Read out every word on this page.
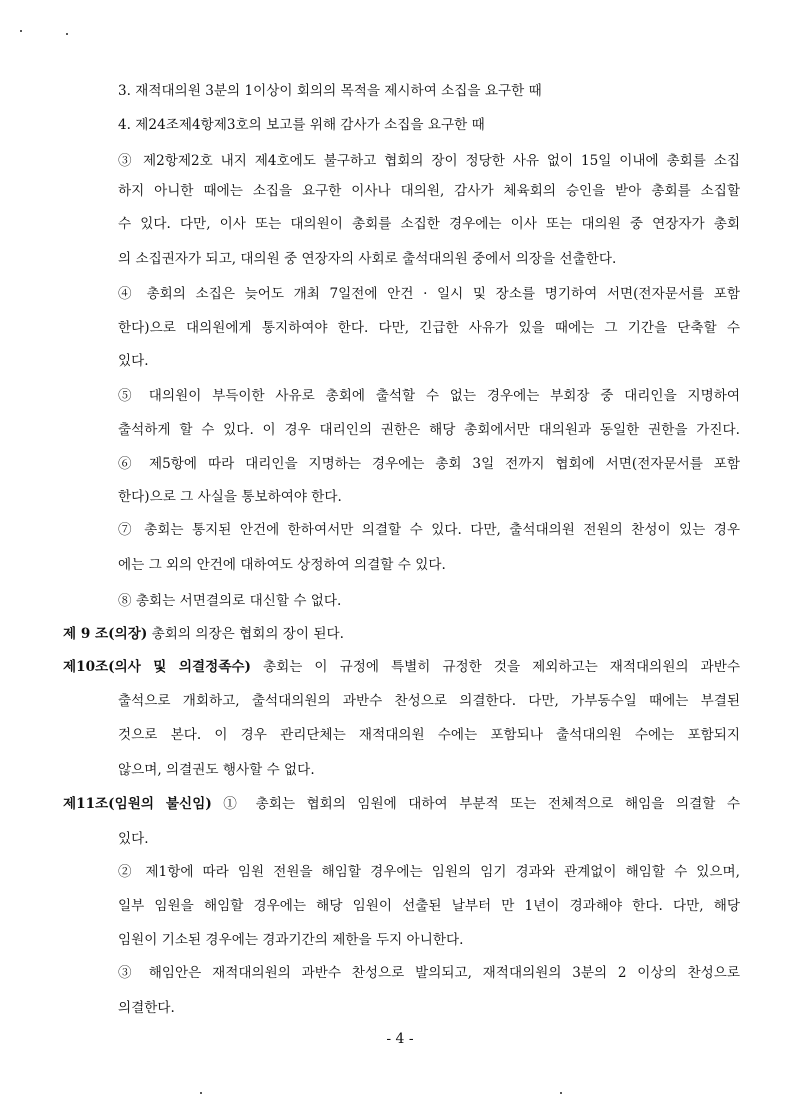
3. 재적대의원 3분의 1이상이 회의의 목적을 제시하여 소집을 요구한 때
4. 제24조제4항제3호의 보고를 위해 감사가 소집을 요구한 때
③ 제2항제2호 내지 제4호에도 불구하고 협회의 장이 정당한 사유 없이 15일 이내에 총회를 소집
하지 아니한 때에는 소집을 요구한 이사나 대의원, 감사가 체육회의 승인을 받아 총회를 소집할
수 있다. 다만, 이사 또는 대의원이 총회를 소집한 경우에는 이사 또는 대의원 중 연장자가 총회
의 소집권자가 되고, 대의원 중 연장자의 사회로 출석대의원 중에서 의장을 선출한다.
④ 총회의 소집은 늦어도 개최 7일전에 안건 · 일시 및 장소를 명기하여 서면(전자문서를 포함
한다)으로 대의원에게 통지하여야 한다. 다만, 긴급한 사유가 있을 때에는 그 기간을 단축할 수
있다.
⑤ 대의원이 부득이한 사유로 총회에 출석할 수 없는 경우에는 부회장 중 대리인을 지명하여
출석하게 할 수 있다. 이 경우 대리인의 권한은 해당 총회에서만 대의원과 동일한 권한을 가진다.
⑥ 제5항에 따라 대리인을 지명하는 경우에는 총회 3일 전까지 협회에 서면(전자문서를 포함
한다)으로 그 사실을 통보하여야 한다.
⑦ 총회는 통지된 안건에 한하여서만 의결할 수 있다. 다만, 출석대의원 전원의 찬성이 있는 경우
에는 그 외의 안건에 대하여도 상정하여 의결할 수 있다.
⑧ 총회는 서면결의로 대신할 수 없다.
제 9 조(의장) 총회의 의장은 협회의 장이 된다.
제10조(의사 및 의결정족수) 총회는 이 규정에 특별히 규정한 것을 제외하고는 재적대의원의 과반수
출석으로 개회하고, 출석대의원의 과반수 찬성으로 의결한다. 다만, 가부동수일 때에는 부결된
것으로 본다. 이 경우 관리단체는 재적대의원 수에는 포함되나 출석대의원 수에는 포함되지
않으며, 의결권도 행사할 수 없다.
제11조(임원의 불신임) ① 총회는 협회의 임원에 대하여 부분적 또는 전체적으로 해임을 의결할 수
있다.
② 제1항에 따라 임원 전원을 해임할 경우에는 임원의 임기 경과와 관계없이 해임할 수 있으며,
일부 임원을 해임할 경우에는 해당 임원이 선출된 날부터 만 1년이 경과해야 한다. 다만, 해당
임원이 기소된 경우에는 경과기간의 제한을 두지 아니한다.
③ 해임안은 재적대의원의 과반수 찬성으로 발의되고, 재적대의원의 3분의 2 이상의 찬성으로
의결한다.
- 4 -
